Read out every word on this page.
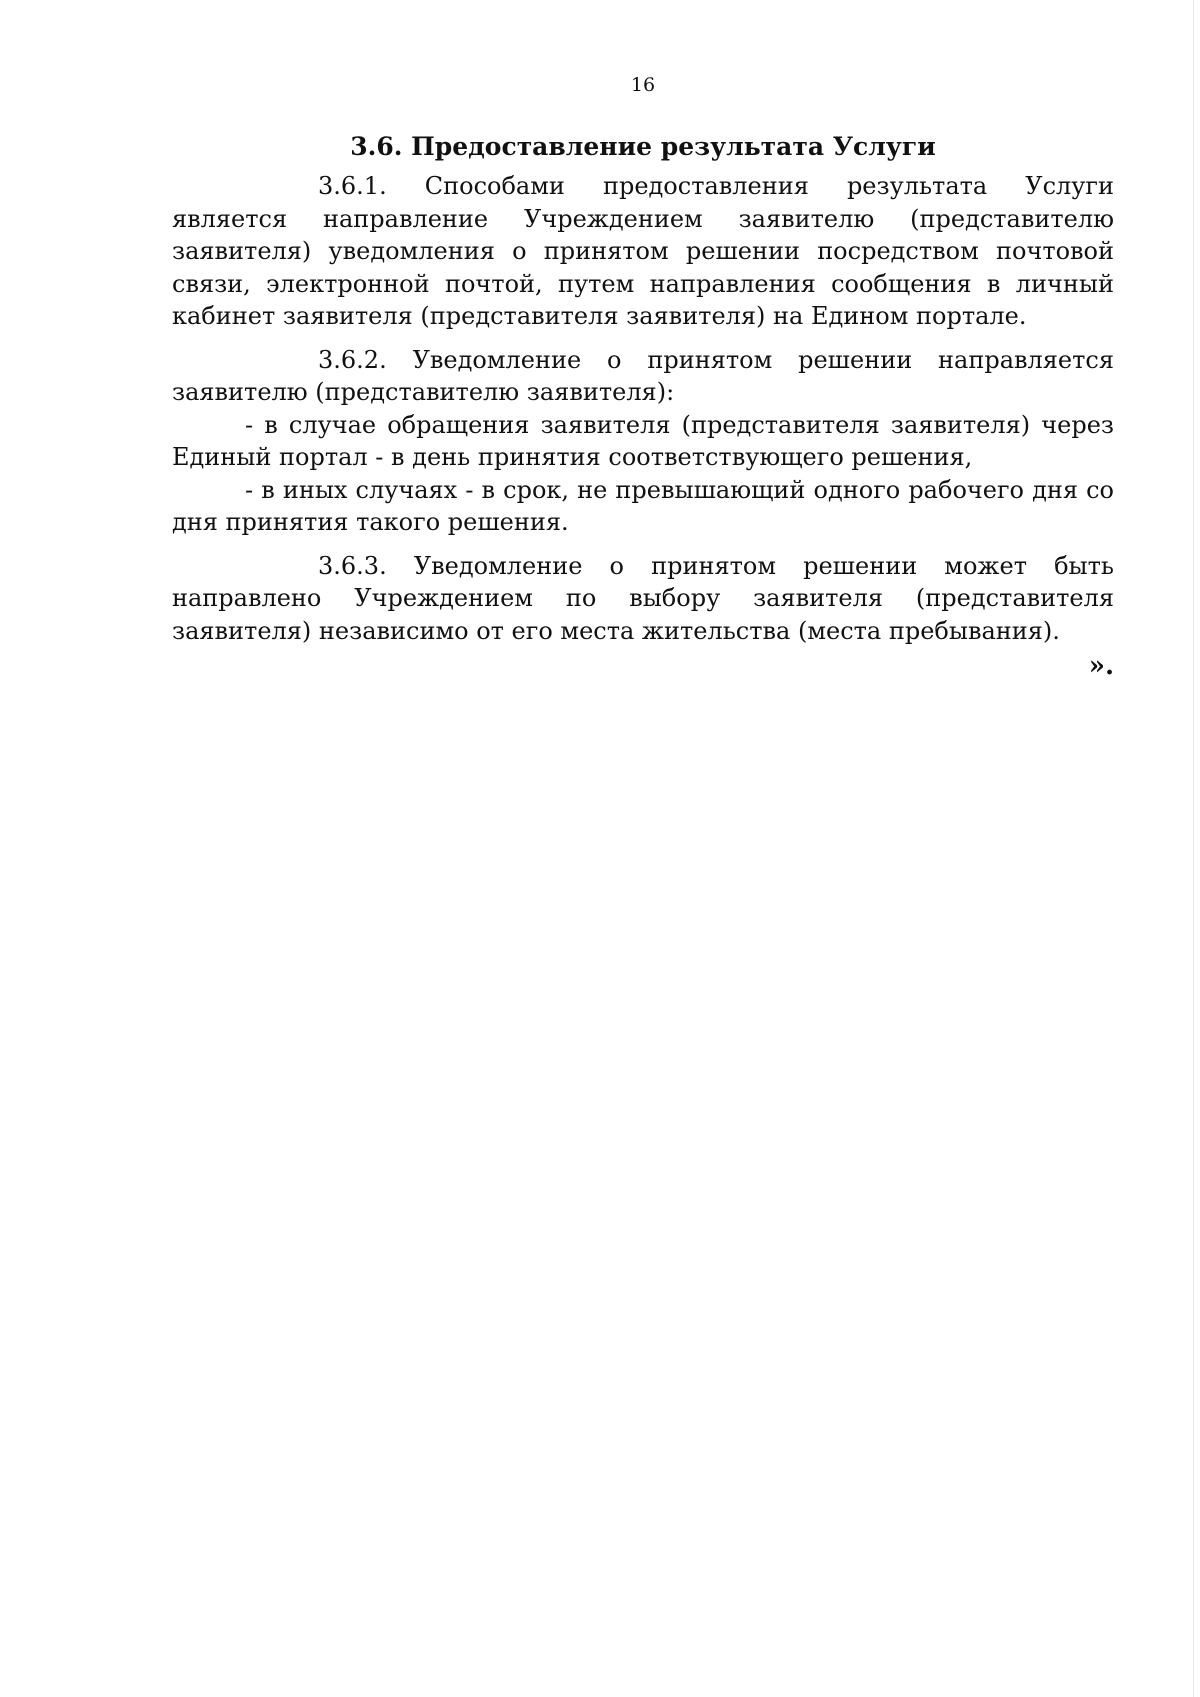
16
3.6. Предоставление результата Услуги

3.6.1. Способами предоставления результата Услуги является направление Учреждением заявителю (представителю заявителя) уведомления о принятом решении посредством почтовой связи, электронной почтой, путем направления сообщения в личный кабинет заявителя (представителя заявителя) на Едином портале.

3.6.2. Уведомление о принятом решении направляется заявителю (представителю заявителя):

- в случае обращения заявителя (представителя заявителя) через Единый портал - в день принятия соответствующего решения,

- в иных случаях - в срок, не превышающий одного рабочего дня со дня принятия такого решения.

3.6.3. Уведомление о принятом решении может быть направлено Учреждением по выбору заявителя (представителя заявителя) независимо от его места жительства (места пребывания).

».
